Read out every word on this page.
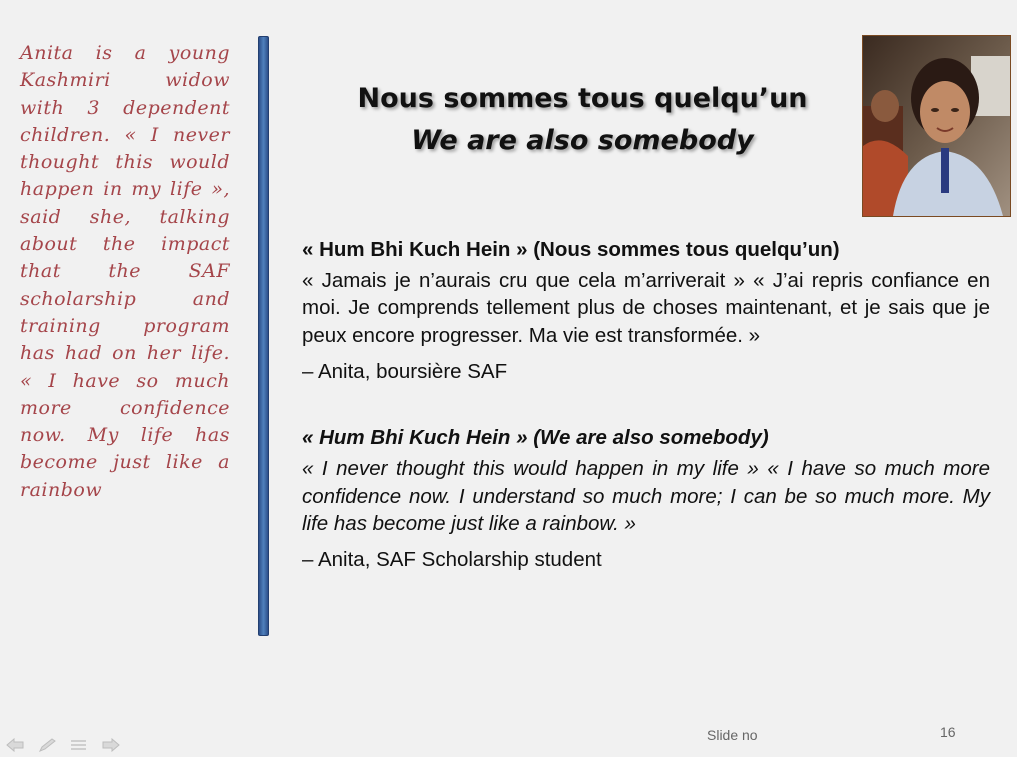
Anita is a young Kashmiri widow with 3 dependent children. « I never thought this would happen in my life », said she, talking about the impact that the SAF scholarship and training program has had on her life. « I have so much more confidence now. My life has become just like a rainbow
Nous sommes tous quelqu’un
We are also somebody

« Hum Bhi Kuch Hein » (Nous sommes tous quelqu’un)

« Jamais je n’aurais cru que cela m’arriverait » « J’ai repris confiance en moi. Je comprends tellement plus de choses maintenant, et je sais que je peux encore progresser. Ma vie est transformée. »

– Anita, boursière SAF

« Hum Bhi Kuch Hein » (We are also somebody)

« I never thought this would happen in my life » « I have so much more confidence now. I understand so much more; I can be so much more. My life has become just like a rainbow. »

– Anita, SAF Scholarship student

Slide no	16
